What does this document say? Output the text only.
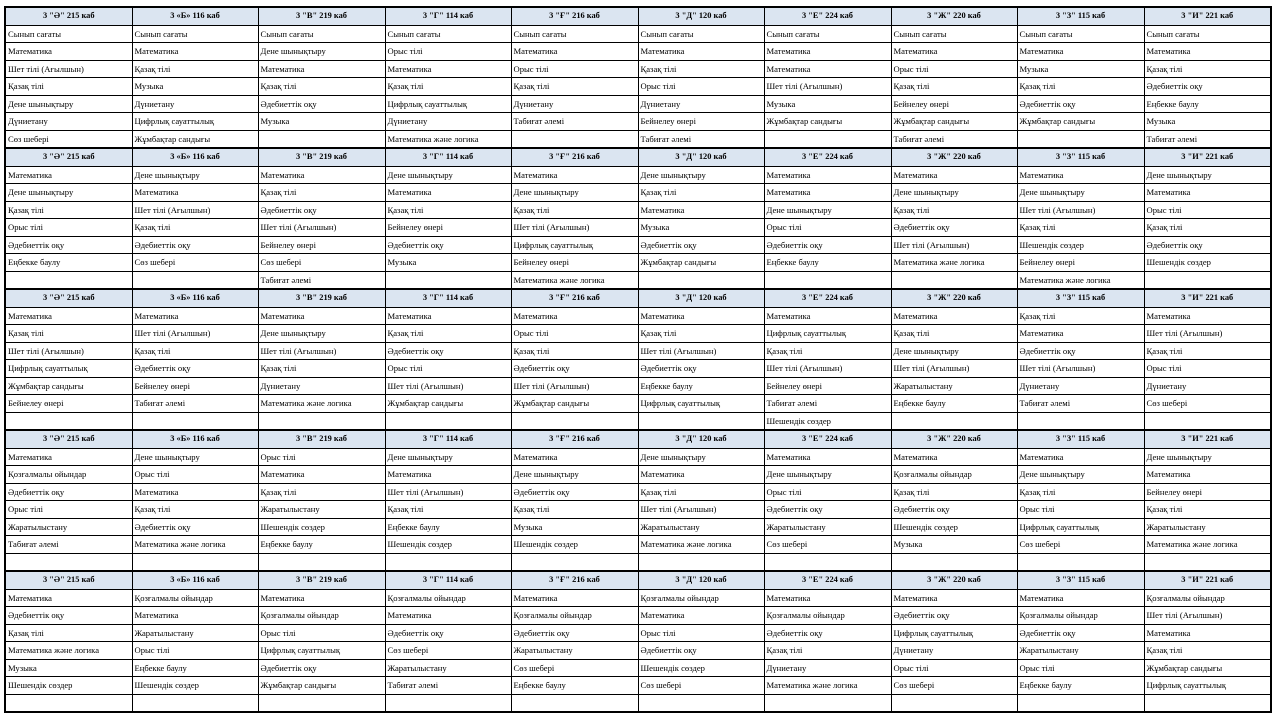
3 "Ә" 215 каб	3 «Б» 116 каб	3 "В" 219 каб	3 "Г" 114 каб	3 "Ғ" 216 каб	3 "Д" 120 каб	3 "Е" 224 каб	3 "Ж" 220 каб	3 "З" 115 каб	3 "И" 221 каб
Сынып сағаты	Сынып сағаты	Сынып сағаты	Сынып сағаты	Сынып сағаты	Сынып сағаты	Сынып сағаты	Сынып сағаты	Сынып сағаты	Сынып сағаты
Математика	Математика	Дене шынықтыру	Орыс тілі	Математика	Математика	Математика	Математика	Математика	Математика
Шет тілі (Ағылшын)	Қазақ тілі	Математика	Математика	Орыс тілі	Қазақ тілі	Математика	Орыс тілі	Музыка	Қазақ тілі
Қазақ тілі	Музыка	Қазақ тілі	Қазақ тілі	Қазақ тілі	Орыс тілі	Шет тілі (Ағылшын)	Қазақ тілі	Қазақ тілі	Әдебиеттік оқу
Дене шынықтыру	Дүниетану	Әдебиеттік оқу	Цифрлық сауаттылық	Дүниетану	Дүниетану	Музыка	Бейнелеу өнері	Әдебиеттік оқу	Еңбекке баулу
Дүниетану	Цифрлық сауаттылық	Музыка	Дүниетану	Табиғат әлемі	Бейнелеу өнері	Жұмбақтар сандығы	Жұмбақтар сандығы	Жұмбақтар сандығы	Музыка
Сөз шебері	Жұмбақтар сандығы		Математика және логика		Табиғат әлемі		Табиғат әлемі		Табиғат әлемі
3 "Ә" 215 каб	3 «Б» 116 каб	3 "В" 219 каб	3 "Г" 114 каб	3 "Ғ" 216 каб	3 "Д" 120 каб	3 "Е" 224 каб	3 "Ж" 220 каб	3 "З" 115 каб	3 "И" 221 каб
Математика	Дене шынықтыру	Математика	Дене шынықтыру	Математика	Дене шынықтыру	Математика	Математика	Математика	Дене шынықтыру
Дене шынықтыру	Математика	Қазақ тілі	Математика	Дене шынықтыру	Қазақ тілі	Математика	Дене шынықтыру	Дене шынықтыру	Математика
Қазақ тілі	Шет тілі (Ағылшын)	Әдебиеттік оқу	Қазақ тілі	Қазақ тілі	Математика	Дене шынықтыру	Қазақ тілі	Шет тілі (Ағылшын)	Орыс тілі
Орыс тілі	Қазақ тілі	Шет тілі (Ағылшын)	Бейнелеу өнері	Шет тілі (Ағылшын)	Музыка	Орыс тілі	Әдебиеттік оқу	Қазақ тілі	Қазақ тілі
Әдебиеттік оқу	Әдебиеттік оқу	Бейнелеу өнері	Әдебиеттік оқу	Цифрлық сауаттылық	Әдебиеттік оқу	Әдебиеттік оқу	Шет тілі (Ағылшын)	Шешендік сөздер	Әдебиеттік оқу
Еңбекке баулу	Сөз шебері	Сөз шебері	Музыка	Бейнелеу өнері	Жұмбақтар сандығы	Еңбекке баулу	Математика және логика	Бейнелеу өнері	Шешендік сөздер
		Табиғат әлемі		Математика және логика				Математика және логика	
3 "Ә" 215 каб	3 «Б» 116 каб	3 "В" 219 каб	3 "Г" 114 каб	3 "Ғ" 216 каб	3 "Д" 120 каб	3 "Е" 224 каб	3 "Ж" 220 каб	3 "З" 115 каб	3 "И" 221 каб
Математика	Математика	Математика	Математика	Математика	Математика	Математика	Математика	Қазақ тілі	Математика
Қазақ тілі	Шет тілі (Ағылшын)	Дене шынықтыру	Қазақ тілі	Орыс тілі	Қазақ тілі	Цифрлық сауаттылық	Қазақ тілі	Математика	Шет тілі (Ағылшын)
Шет тілі (Ағылшын)	Қазақ тілі	Шет тілі (Ағылшын)	Әдебиеттік оқу	Қазақ тілі	Шет тілі (Ағылшын)	Қазақ тілі	Дене шынықтыру	Әдебиеттік оқу	Қазақ тілі
Цифрлық сауаттылық	Әдебиеттік оқу	Қазақ тілі	Орыс тілі	Әдебиеттік оқу	Әдебиеттік оқу	Шет тілі (Ағылшын)	Шет тілі (Ағылшын)	Шет тілі (Ағылшын)	Орыс тілі
Жұмбақтар сандығы	Бейнелеу өнері	Дүниетану	Шет тілі (Ағылшын)	Шет тілі (Ағылшын)	Еңбекке баулу	Бейнелеу өнері	Жаратылыстану	Дүниетану	Дүниетану
Бейнелеу өнері	Табиғат әлемі	Математика және логика	Жұмбақтар сандығы	Жұмбақтар сандығы	Цифрлық сауаттылық	Табиғат әлемі	Еңбекке баулу	Табиғат әлемі	Сөз шебері
						Шешендік сөздер			
3 "Ә" 215 каб	3 «Б» 116 каб	3 "В" 219 каб	3 "Г" 114 каб	3 "Ғ" 216 каб	3 "Д" 120 каб	3 "Е" 224 каб	3 "Ж" 220 каб	3 "З" 115 каб	3 "И" 221 каб
Математика	Дене шынықтыру	Орыс тілі	Дене шынықтыру	Математика	Дене шынықтыру	Математика	Математика	Математика	Дене шынықтыру
Қозғалмалы ойындар	Орыс тілі	Математика	Математика	Дене шынықтыру	Математика	Дене шынықтыру	Қозғалмалы ойындар	Дене шынықтыру	Математика
Әдебиеттік оқу	Математика	Қазақ тілі	Шет тілі (Ағылшын)	Әдебиеттік оқу	Қазақ тілі	Орыс тілі	Қазақ тілі	Қазақ тілі	Бейнелеу өнері
Орыс тілі	Қазақ тілі	Жаратылыстану	Қазақ тілі	Қазақ тілі	Шет тілі (Ағылшын)	Әдебиеттік оқу	Әдебиеттік оқу	Орыс тілі	Қазақ тілі
Жаратылыстану	Әдебиеттік оқу	Шешендік сөздер	Еңбекке баулу	Музыка	Жаратылыстану	Жаратылыстану	Шешендік сөздер	Цифрлық сауаттылық	Жаратылыстану
Табиғат әлемі	Математика және логика	Еңбекке баулу	Шешендік сөздер	Шешендік сөздер	Математика және логика	Сөз шебері	Музыка	Сөз шебері	Математика және логика

3 "Ә" 215 каб	3 «Б» 116 каб	3 "В" 219 каб	3 "Г" 114 каб	3 "Ғ" 216 каб	3 "Д" 120 каб	3 "Е" 224 каб	3 "Ж" 220 каб	3 "З" 115 каб	3 "И" 221 каб
Математика	Қозғалмалы ойындар	Математика	Қозғалмалы ойындар	Математика	Қозғалмалы ойындар	Математика	Математика	Математика	Қозғалмалы ойындар
Әдебиеттік оқу	Математика	Қозғалмалы ойындар	Математика	Қозғалмалы ойындар	Математика	Қозғалмалы ойындар	Әдебиеттік оқу	Қозғалмалы ойындар	Шет тілі (Ағылшын)
Қазақ тілі	Жаратылыстану	Орыс тілі	Әдебиеттік оқу	Әдебиеттік оқу	Орыс тілі	Әдебиеттік оқу	Цифрлық сауаттылық	Әдебиеттік оқу	Математика
Математика және логика	Орыс тілі	Цифрлық сауаттылық	Сөз шебері	Жаратылыстану	Әдебиеттік оқу	Қазақ тілі	Дүниетану	Жаратылыстану	Қазақ тілі
Музыка	Еңбекке баулу	Әдебиеттік оқу	Жаратылыстану	Сөз шебері	Шешендік сөздер	Дүниетану	Орыс тілі	Орыс тілі	Жұмбақтар сандығы
Шешендік сөздер	Шешендік сөздер	Жұмбақтар сандығы	Табиғат әлемі	Еңбекке баулу	Сөз шебері	Математика және логика	Сөз шебері	Еңбекке баулу	Цифрлық сауаттылық
